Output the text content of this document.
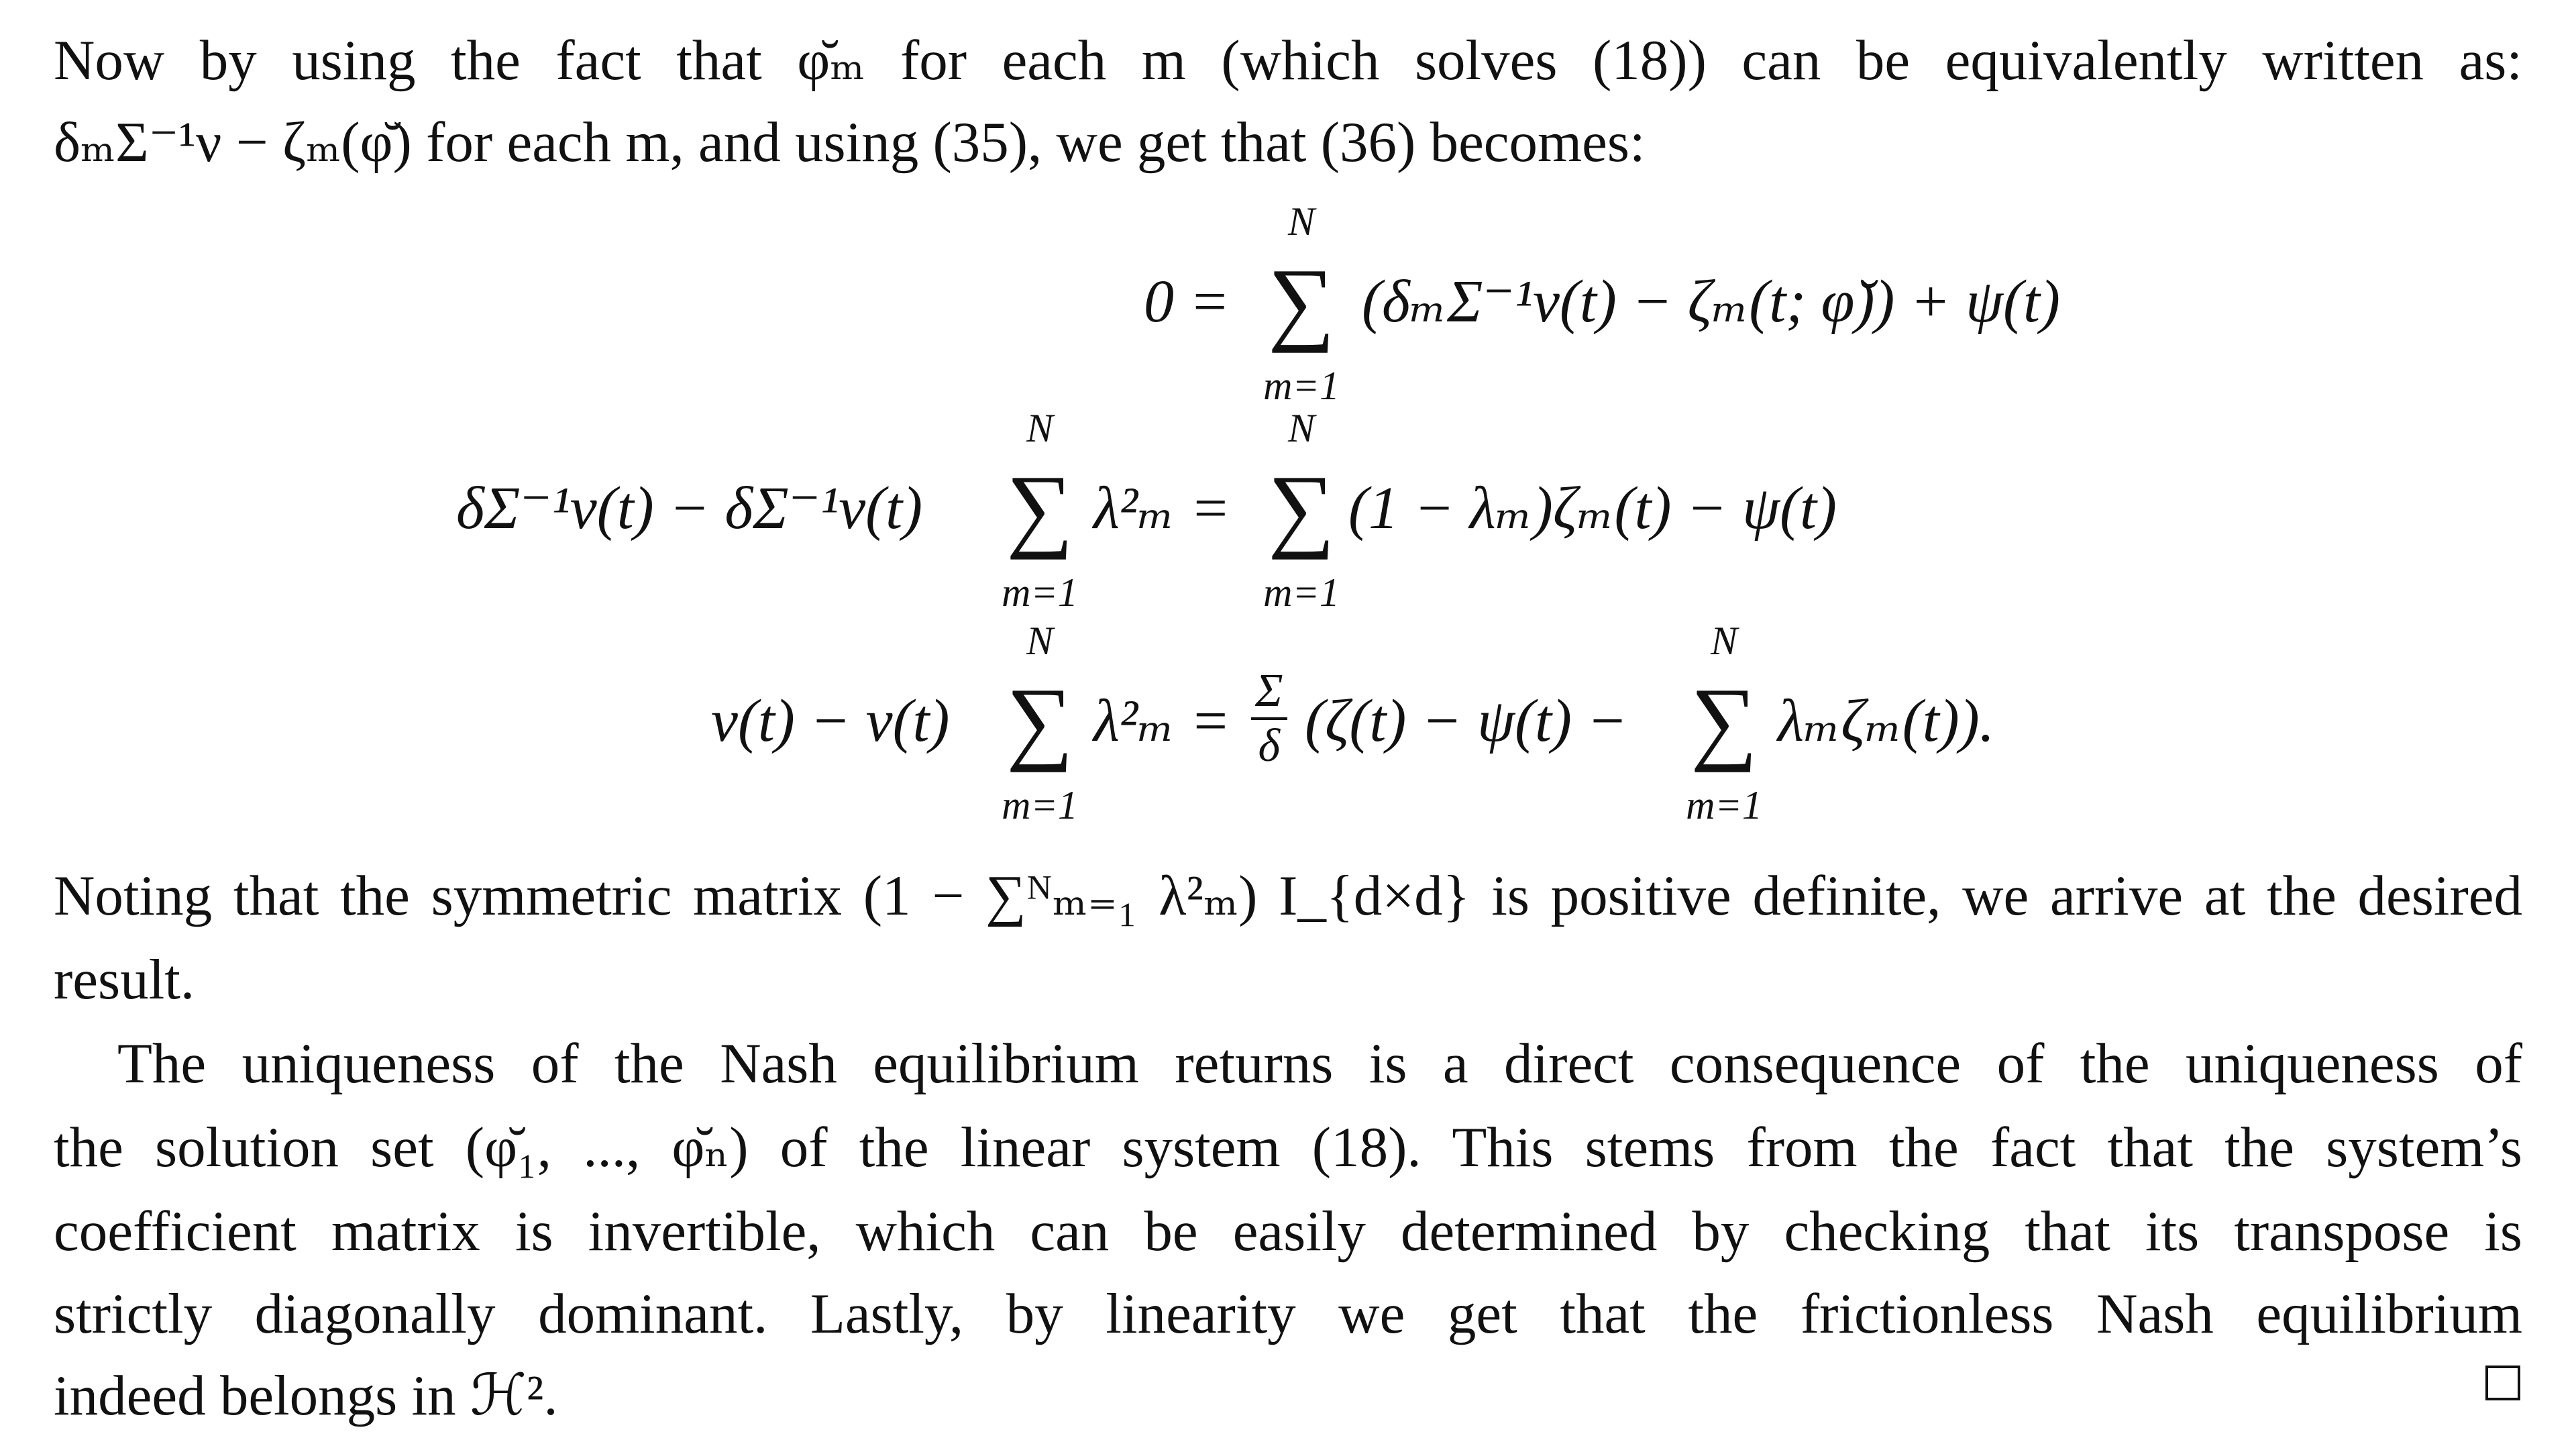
Now by using the fact that φ̆ₘ for each m (which solves (18)) can be equivalently written as:
δₘΣ⁻¹ν − ζₘ(φ̆) for each m, and using (35), we get that (36) becomes:
0 = ∑
N
m=1
(δₘΣ⁻¹ν(t) − ζₘ(t; φ̆)) + ψ(t)
δΣ⁻¹ν(t) − δΣ⁻¹ν(t) ∑
N
m=1
λ²ₘ = ∑
N
m=1
(1 − λₘ)ζₘ(t) − ψ(t)
ν(t) − ν(t) ∑
N
m=1
$\lambda^2_m = \frac{\Sigma}{\delta} (\zeta(t) - \psi(t)$ − ∑
N
m=1
λₘζₘ(t)).
Noting that the symmetric matrix (1 − ∑ᴺₘ₌₁ λ²ₘ) I_{d×d} is positive definite, we arrive at the desired
result.
The uniqueness of the Nash equilibrium returns is a direct consequence of the uniqueness of
the solution set (φ̆₁, ..., φ̆ₙ) of the linear system (18). This stems from the fact that the system’s
coefficient matrix is invertible, which can be easily determined by checking that its transpose is
strictly diagonally dominant. Lastly, by linearity we get that the frictionless Nash equilibrium
indeed belongs in ℋ².
